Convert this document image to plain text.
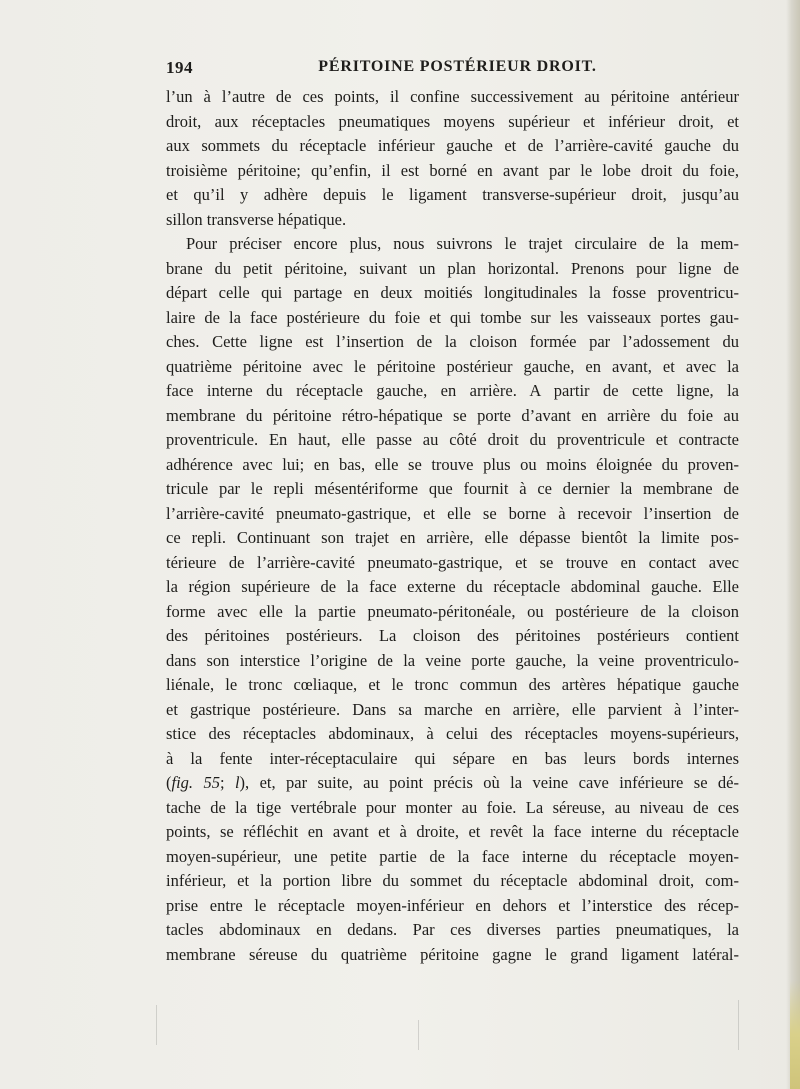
194	PÉRITOINE POSTÉRIEUR DROIT.
l’un à l’autre de ces points, il confine successivement au péritoine antérieur
droit, aux réceptacles pneumatiques moyens supérieur et inférieur droit, et
aux sommets du réceptacle inférieur gauche et de l’arrière-cavité gauche du
troisième péritoine; qu’enfin, il est borné en avant par le lobe droit du foie,
et qu’il y adhère depuis le ligament transverse-supérieur droit, jusqu’au
sillon transverse hépatique.
Pour préciser encore plus, nous suivrons le trajet circulaire de la mem-
brane du petit péritoine, suivant un plan horizontal. Prenons pour ligne de
départ celle qui partage en deux moitiés longitudinales la fosse proventricu-
laire de la face postérieure du foie et qui tombe sur les vaisseaux portes gau-
ches. Cette ligne est l’insertion de la cloison formée par l’adossement du
quatrième péritoine avec le péritoine postérieur gauche, en avant, et avec la
face interne du réceptacle gauche, en arrière. A partir de cette ligne, la
membrane du péritoine rétro-hépatique se porte d’avant en arrière du foie au
proventricule. En haut, elle passe au côté droit du proventricule et contracte
adhérence avec lui; en bas, elle se trouve plus ou moins éloignée du proven-
tricule par le repli mésentériforme que fournit à ce dernier la membrane de
l’arrière-cavité pneumato-gastrique, et elle se borne à recevoir l’insertion de
ce repli. Continuant son trajet en arrière, elle dépasse bientôt la limite pos-
térieure de l’arrière-cavité pneumato-gastrique, et se trouve en contact avec
la région supérieure de la face externe du réceptacle abdominal gauche. Elle
forme avec elle la partie pneumato-péritonéale, ou postérieure de la cloison
des péritoines postérieurs. La cloison des péritoines postérieurs contient
dans son interstice l’origine de la veine porte gauche, la veine proventriculo-
liénale, le tronc cœliaque, et le tronc commun des artères hépatique gauche
et gastrique postérieure. Dans sa marche en arrière, elle parvient à l’inter-
stice des réceptacles abdominaux, à celui des réceptacles moyens-supérieurs,
à la fente inter-réceptaculaire qui sépare en bas leurs bords internes
(fig. 55; l), et, par suite, au point précis où la veine cave inférieure se dé-
tache de la tige vertébrale pour monter au foie. La séreuse, au niveau de ces
points, se réfléchit en avant et à droite, et revêt la face interne du réceptacle
moyen-supérieur, une petite partie de la face interne du réceptacle moyen-
inférieur, et la portion libre du sommet du réceptacle abdominal droit, com-
prise entre le réceptacle moyen-inférieur en dehors et l’interstice des récep-
tacles abdominaux en dedans. Par ces diverses parties pneumatiques, la
membrane séreuse du quatrième péritoine gagne le grand ligament latéral-
